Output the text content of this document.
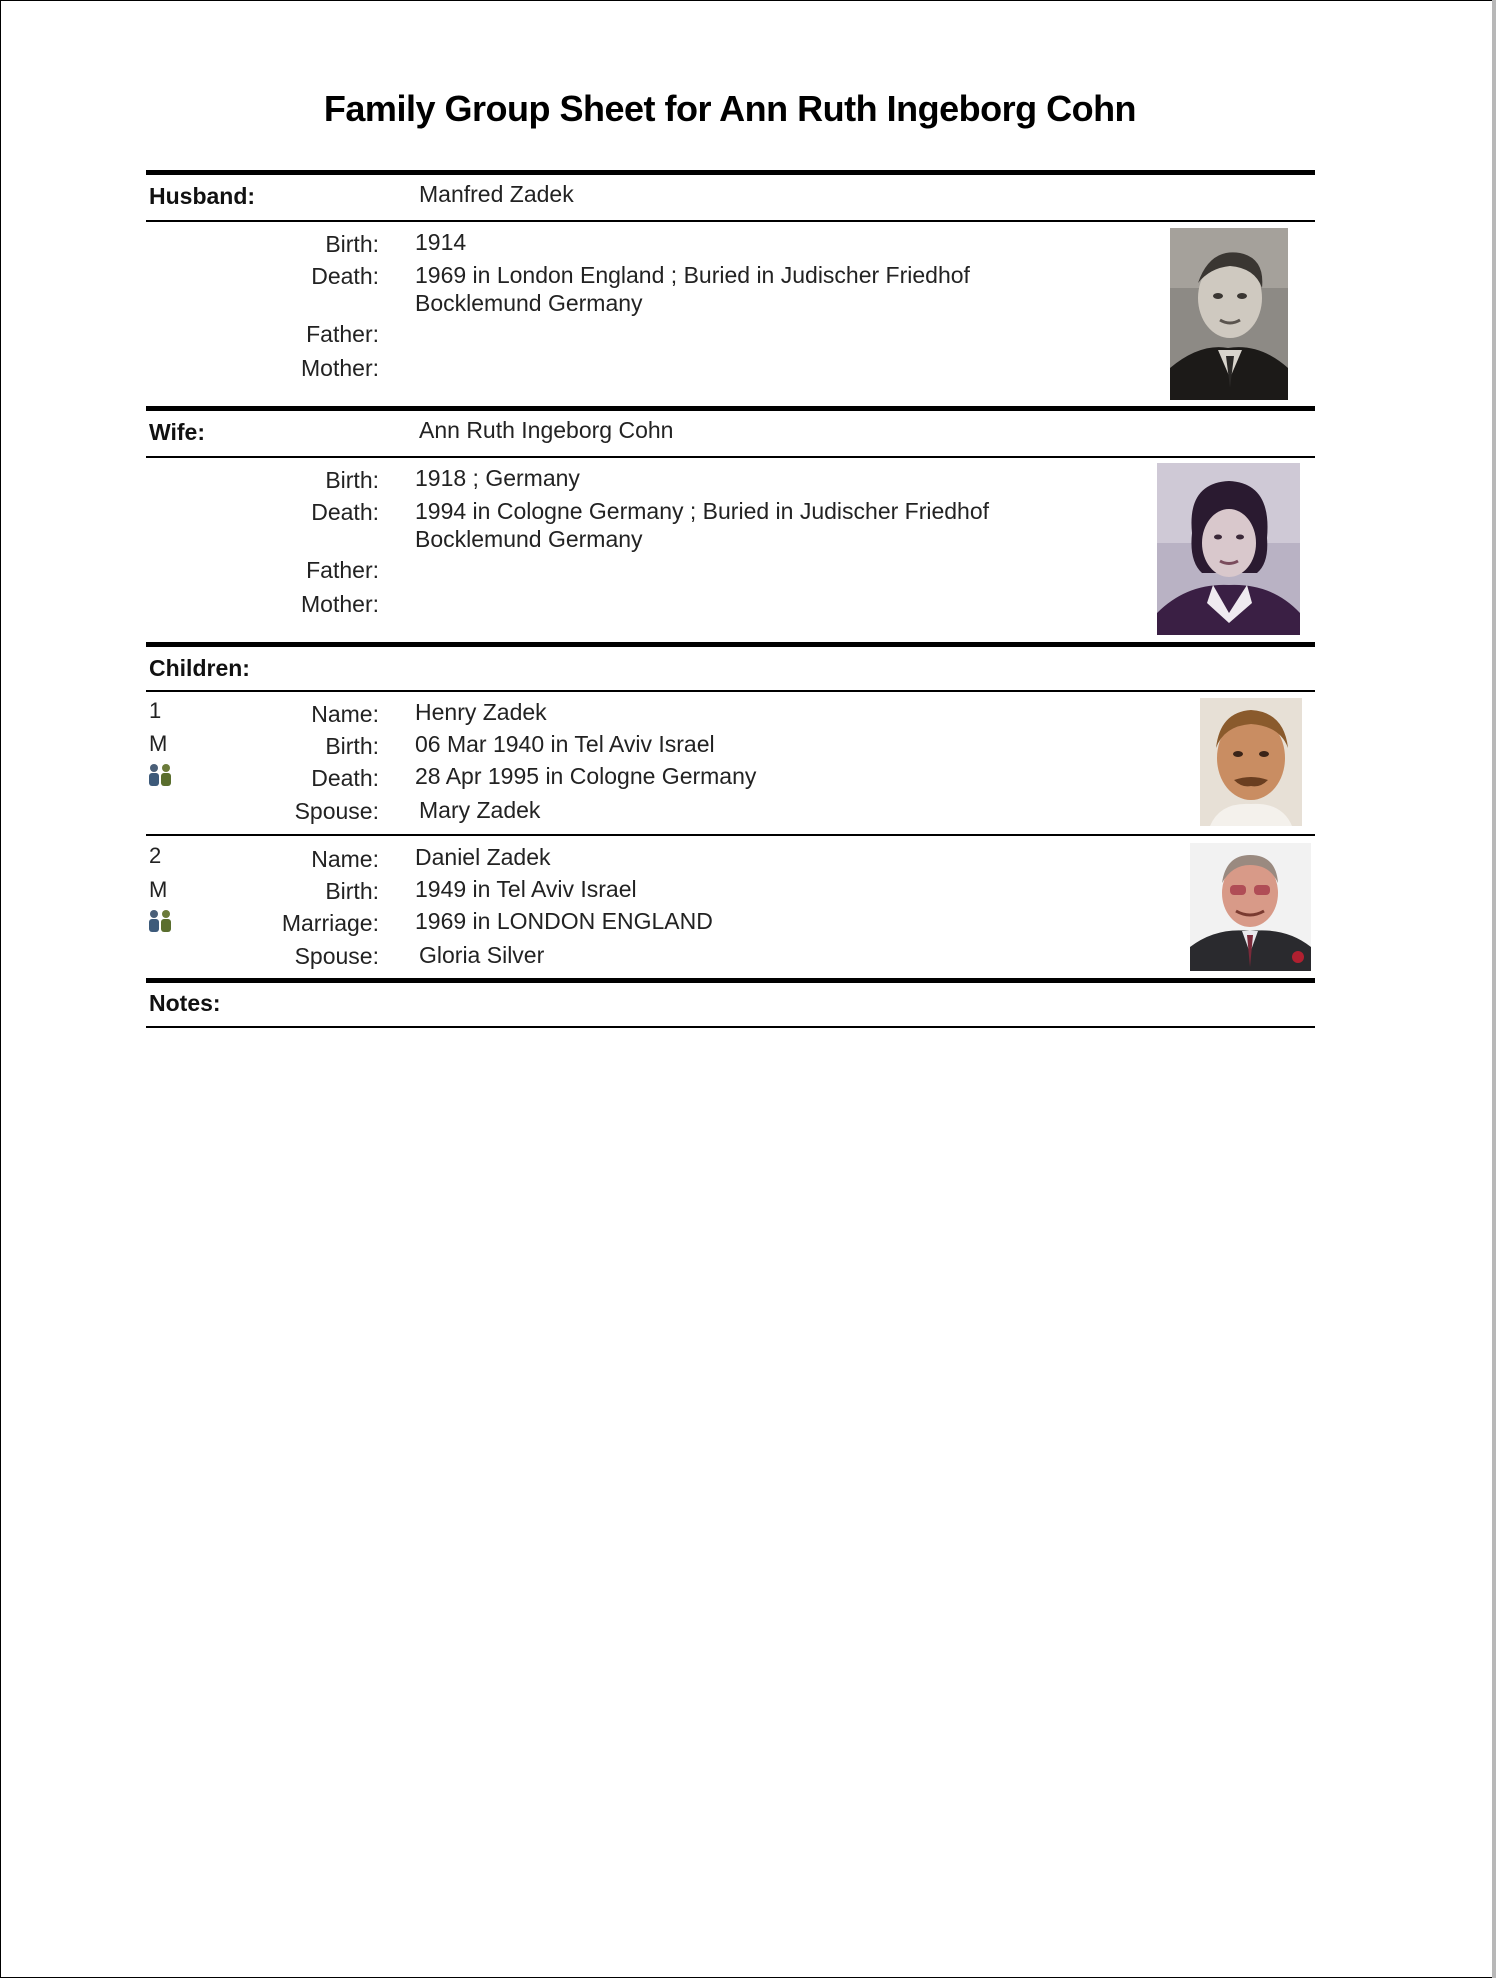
Family Group Sheet for Ann Ruth Ingeborg Cohn
Husband:	Manfred Zadek
Birth: 1914
Death: 1969 in London England ; Buried in Judischer Friedhof
Bocklemund Germany
Father:
Mother:
Wife:	Ann Ruth Ingeborg Cohn
Birth: 1918 ; Germany
Death: 1994 in Cologne Germany ; Buried in Judischer Friedhof
Bocklemund Germany
Father:
Mother:
Children:
1
M
Name: Henry Zadek
Birth: 06 Mar 1940 in Tel Aviv Israel
Death: 28 Apr 1995 in Cologne Germany
Spouse: Mary Zadek
2
M
Name: Daniel Zadek
Birth: 1949 in Tel Aviv Israel
Marriage: 1969 in LONDON ENGLAND
Spouse: Gloria Silver
Notes:
